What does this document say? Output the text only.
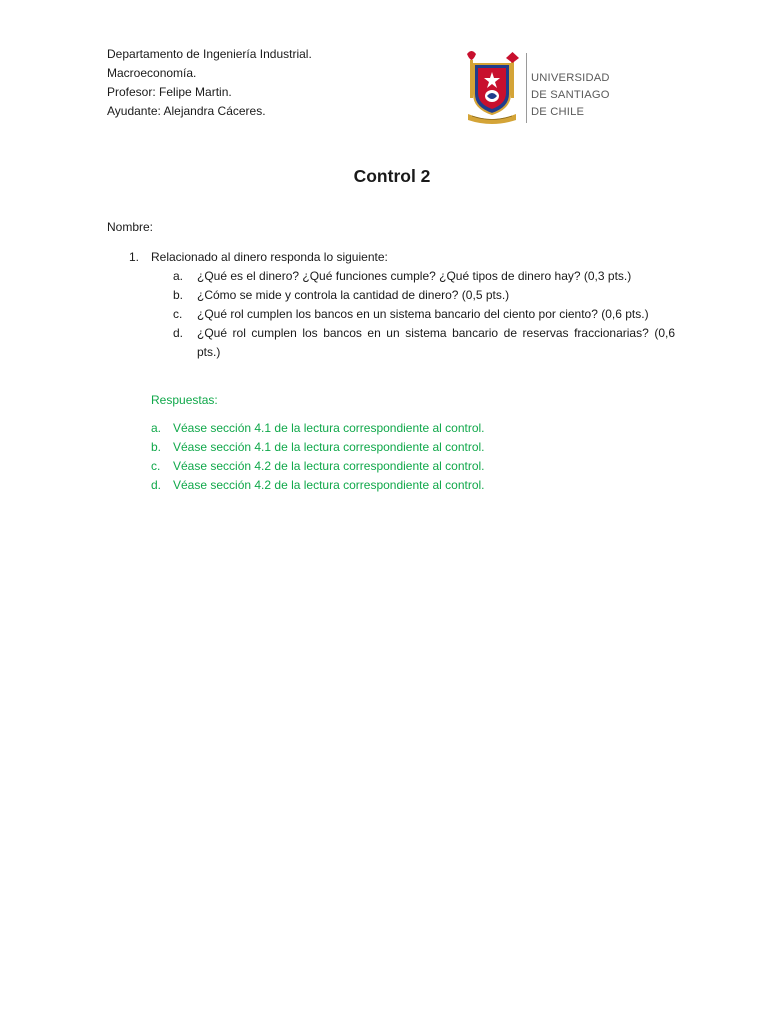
Departamento de Ingeniería Industrial.
Macroeconomía.
Profesor: Felipe Martin.
Ayudante: Alejandra Cáceres.
UNIVERSIDAD
DE SANTIAGO
DE CHILE
Control 2
Nombre:
1. Relacionado al dinero responda lo siguiente:
a. ¿Qué es el dinero? ¿Qué funciones cumple? ¿Qué tipos de dinero hay? (0,3 pts.)
b. ¿Cómo se mide y controla la cantidad de dinero? (0,5 pts.)
c. ¿Qué rol cumplen los bancos en un sistema bancario del ciento por ciento? (0,6 pts.)
d. ¿Qué rol cumplen los bancos en un sistema bancario de reservas fraccionarias? (0,6 pts.)
Respuestas:
a. Véase sección 4.1 de la lectura correspondiente al control.
b. Véase sección 4.1 de la lectura correspondiente al control.
c. Véase sección 4.2 de la lectura correspondiente al control.
d. Véase sección 4.2 de la lectura correspondiente al control.
